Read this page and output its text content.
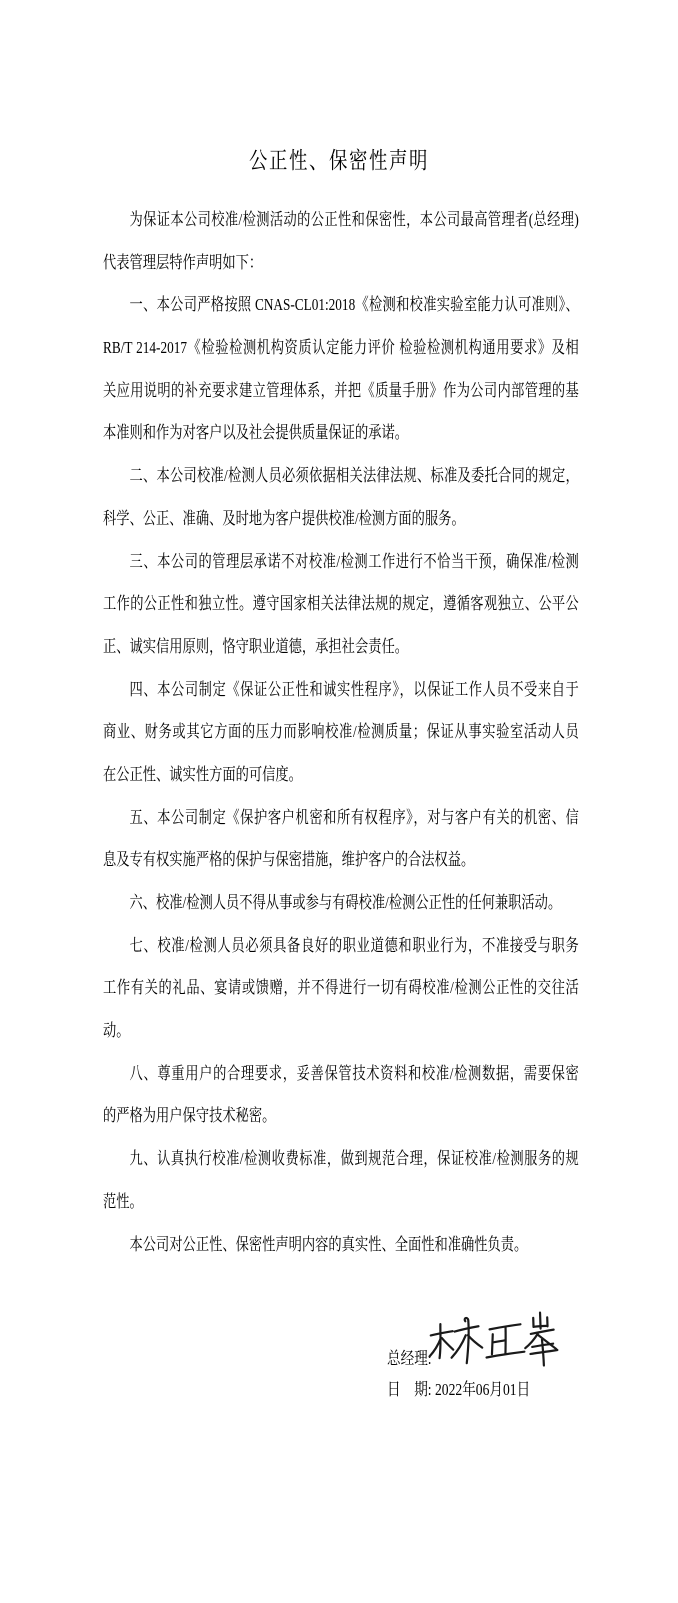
公正性、保密性声明
为保证本公司校准/检测活动的公正性和保密性，本公司最高管理者(总经理)
代表管理层特作声明如下：
一、本公司严格按照 CNAS-CL01:2018《检测和校准实验室能力认可准则》、
RB/T 214-2017《检验检测机构资质认定能力评价 检验检测机构通用要求》及相
关应用说明的补充要求建立管理体系，并把《质量手册》作为公司内部管理的基
本准则和作为对客户以及社会提供质量保证的承诺。
二、本公司校准/检测人员必须依据相关法律法规、标准及委托合同的规定，
科学、公正、准确、及时地为客户提供校准/检测方面的服务。
三、本公司的管理层承诺不对校准/检测工作进行不恰当干预，确保准/检测
工作的公正性和独立性。遵守国家相关法律法规的规定，遵循客观独立、公平公
正、诚实信用原则，恪守职业道德，承担社会责任。
四、本公司制定《保证公正性和诚实性程序》，以保证工作人员不受来自于
商业、财务或其它方面的压力而影响校准/检测质量；保证从事实验室活动人员
在公正性、诚实性方面的可信度。
五、本公司制定《保护客户机密和所有权程序》，对与客户有关的机密、信
息及专有权实施严格的保护与保密措施，维护客户的合法权益。
六、校准/检测人员不得从事或参与有碍校准/检测公正性的任何兼职活动。
七、校准/检测人员必须具备良好的职业道德和职业行为，不准接受与职务
工作有关的礼品、宴请或馈赠，并不得进行一切有碍校准/检测公正性的交往活
动。
八、尊重用户的合理要求，妥善保管技术资料和校准/检测数据，需要保密
的严格为用户保守技术秘密。
九、认真执行校准/检测收费标准，做到规范合理，保证校准/检测服务的规
范性。
本公司对公正性、保密性声明内容的真实性、全面性和准确性负责。
总经理:
日 期: 2022年06月01日
